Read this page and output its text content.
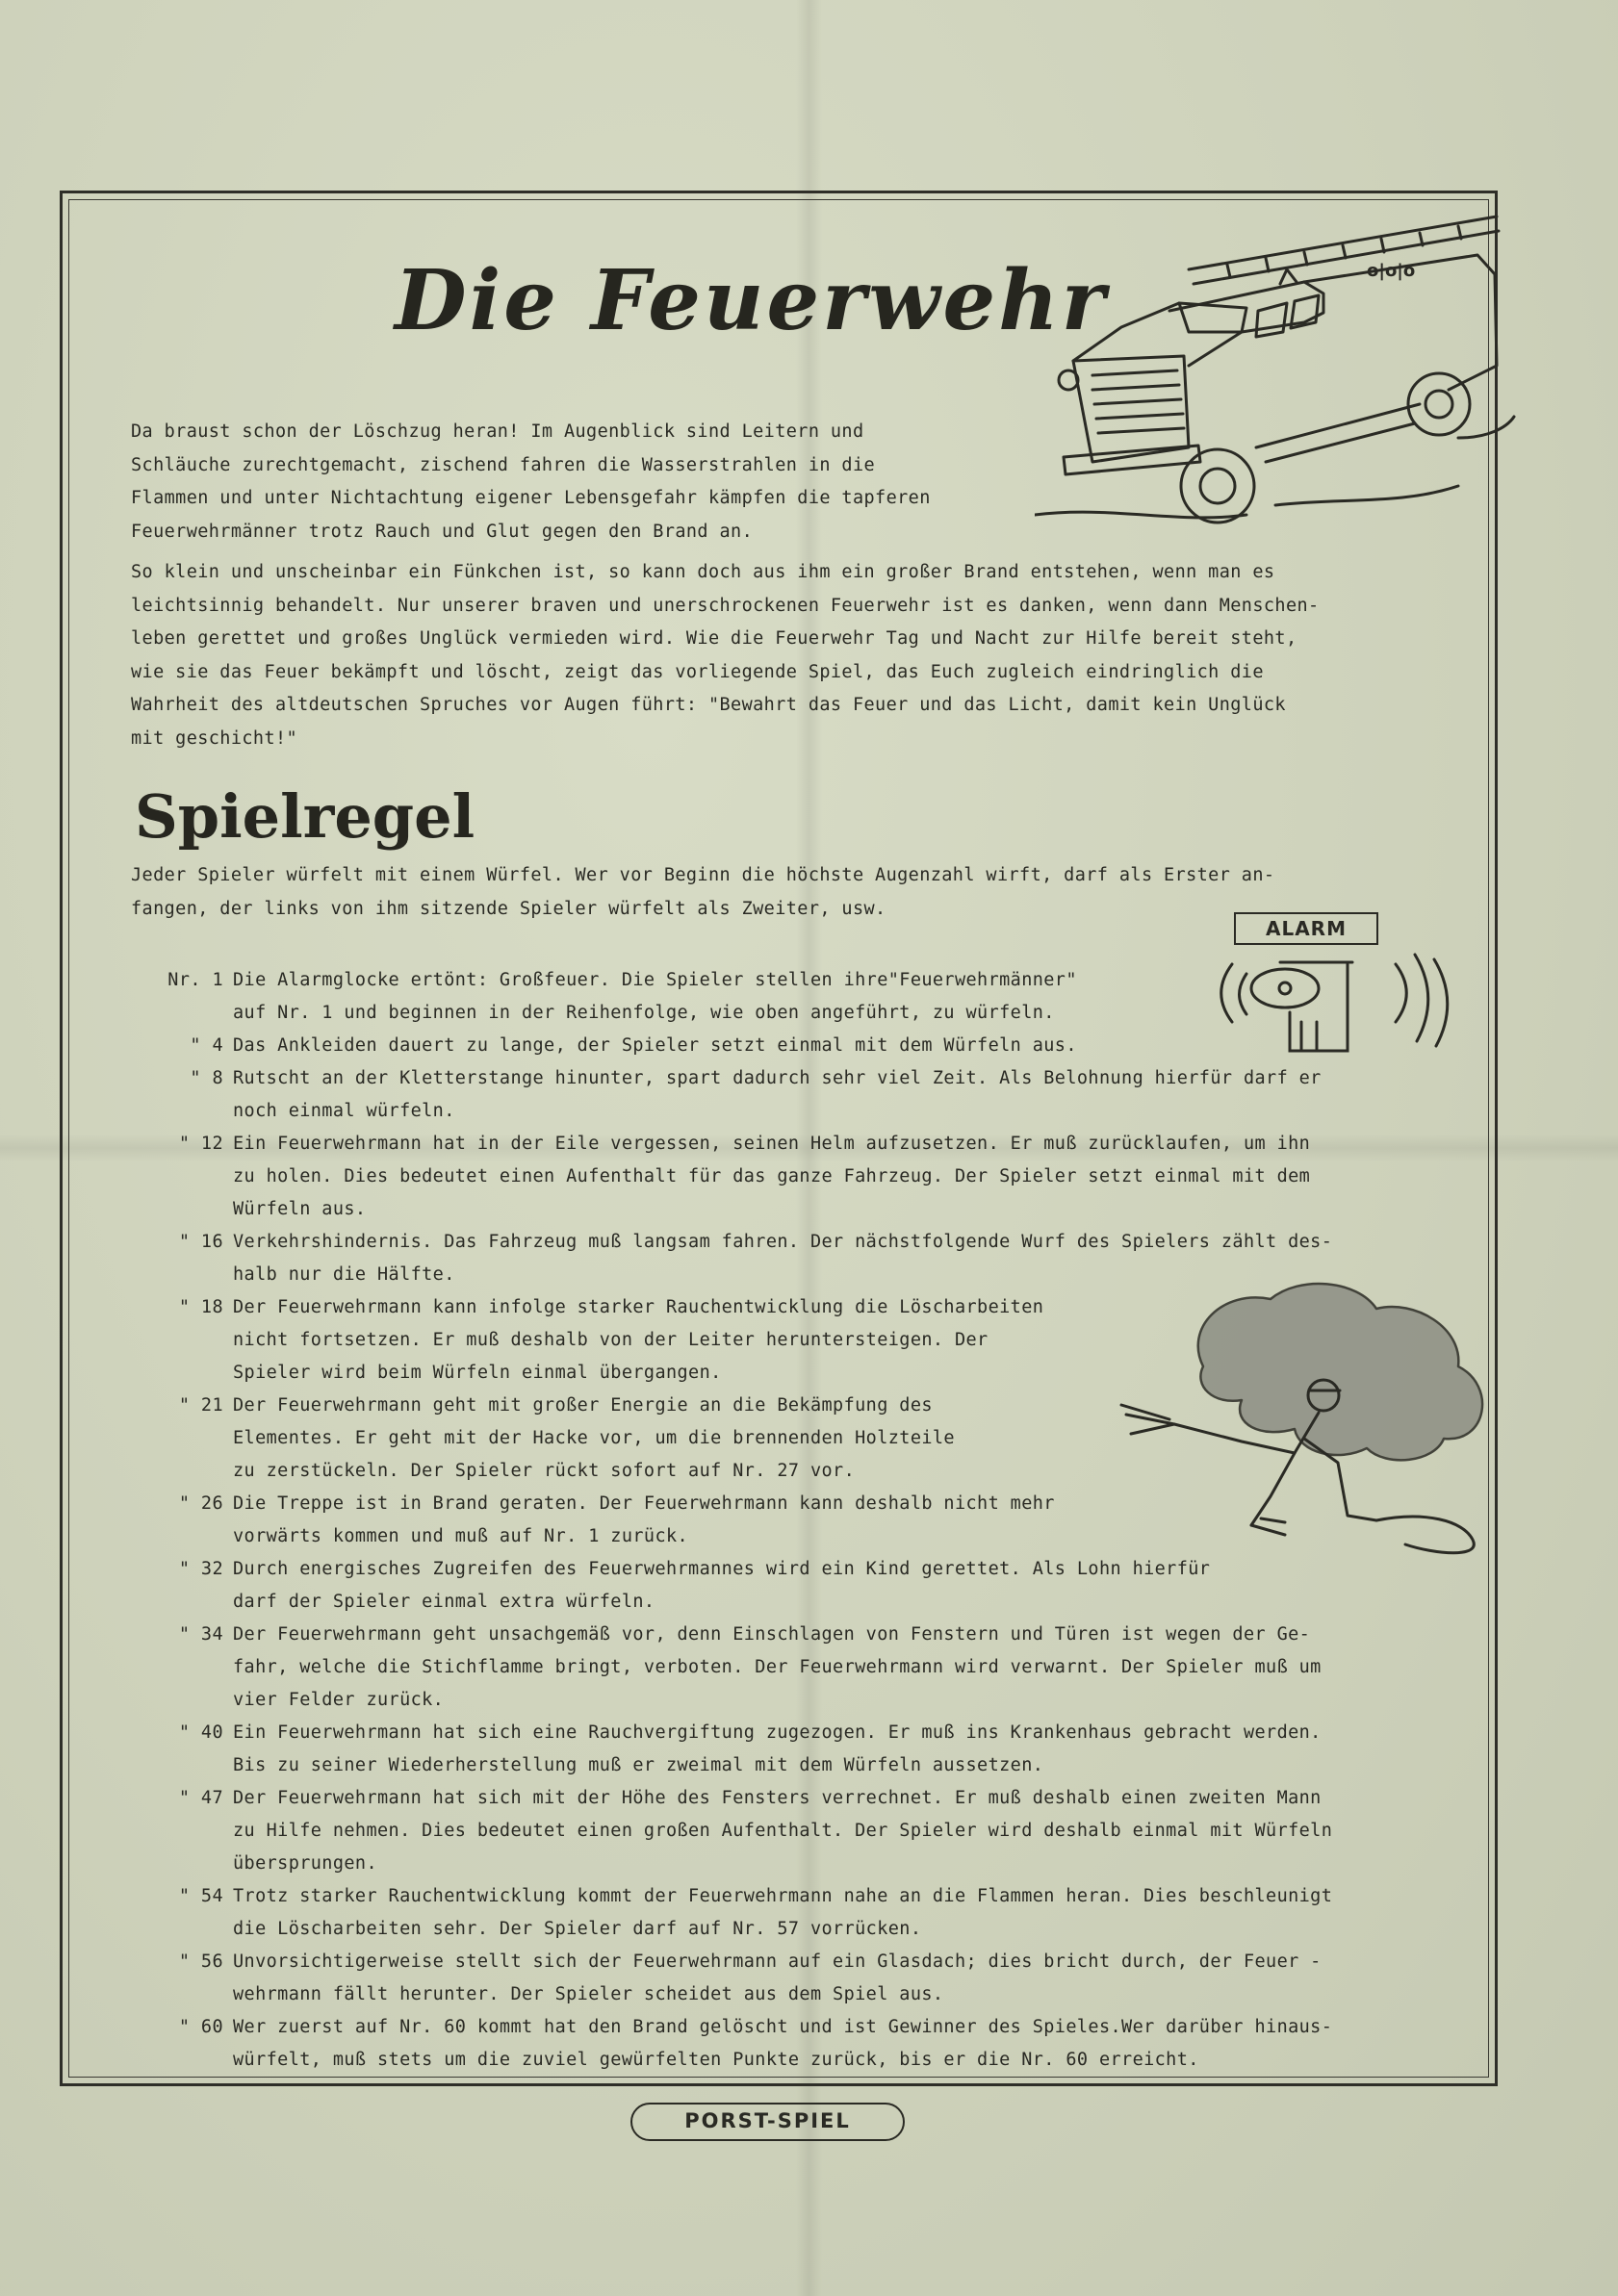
Die Feuerwehr	o|o|o

Da braust schon der Löschzug heran! Im Augenblick sind Leitern und
Schläuche zurechtgemacht, zischend fahren die Wasserstrahlen in die
Flammen und unter Nichtachtung eigener Lebensgefahr kämpfen die tapferen
Feuerwehrmänner trotz Rauch und Glut gegen den Brand an.

So klein und unscheinbar ein Fünkchen ist, so kann doch aus ihm ein großer Brand entstehen, wenn man es
leichtsinnig behandelt. Nur unserer braven und unerschrockenen Feuerwehr ist es danken, wenn dann Menschen-
leben gerettet und großes Unglück vermieden wird. Wie die Feuerwehr Tag und Nacht zur Hilfe bereit steht,
wie sie das Feuer bekämpft und löscht, zeigt das vorliegende Spiel, das Euch zugleich eindringlich die
Wahrheit des altdeutschen Spruches vor Augen führt: "Bewahrt das Feuer und das Licht, damit kein Unglück
mit geschicht!"

Spielregel

Jeder Spieler würfelt mit einem Würfel. Wer vor Beginn die höchste Augenzahl wirft, darf als Erster an-
fangen, der links von ihm sitzende Spieler würfelt als Zweiter, usw.

ALARM
Nr. 1 Die Alarmglocke ertönt: Großfeuer. Die Spieler stellen ihre"Feuerwehrmänner"
auf Nr. 1 und beginnen in der Reihenfolge, wie oben angeführt, zu würfeln.
" 4 Das Ankleiden dauert zu lange, der Spieler setzt einmal mit dem Würfeln aus.
" 8 Rutscht an der Kletterstange hinunter, spart dadurch sehr viel Zeit. Als Belohnung hierfür darf er
noch einmal würfeln.
" 12 Ein Feuerwehrmann hat in der Eile vergessen, seinen Helm aufzusetzen. Er muß zurücklaufen, um ihn
zu holen. Dies bedeutet einen Aufenthalt für das ganze Fahrzeug. Der Spieler setzt einmal mit dem
Würfeln aus.
" 16 Verkehrshindernis. Das Fahrzeug muß langsam fahren. Der nächstfolgende Wurf des Spielers zählt des-
halb nur die Hälfte.
" 18 Der Feuerwehrmann kann infolge starker Rauchentwicklung die Löscharbeiten
nicht fortsetzen. Er muß deshalb von der Leiter heruntersteigen. Der
Spieler wird beim Würfeln einmal übergangen.
" 21 Der Feuerwehrmann geht mit großer Energie an die Bekämpfung des
Elementes. Er geht mit der Hacke vor, um die brennenden Holzteile
zu zerstückeln. Der Spieler rückt sofort auf Nr. 27 vor.
" 26 Die Treppe ist in Brand geraten. Der Feuerwehrmann kann deshalb nicht mehr
vorwärts kommen und muß auf Nr. 1 zurück.
" 32 Durch energisches Zugreifen des Feuerwehrmannes wird ein Kind gerettet. Als Lohn hierfür
darf der Spieler einmal extra würfeln.
" 34 Der Feuerwehrmann geht unsachgemäß vor, denn Einschlagen von Fenstern und Türen ist wegen der Ge-
fahr, welche die Stichflamme bringt, verboten. Der Feuerwehrmann wird verwarnt. Der Spieler muß um
vier Felder zurück.
" 40 Ein Feuerwehrmann hat sich eine Rauchvergiftung zugezogen. Er muß ins Krankenhaus gebracht werden.
Bis zu seiner Wiederherstellung muß er zweimal mit dem Würfeln aussetzen.
" 47 Der Feuerwehrmann hat sich mit der Höhe des Fensters verrechnet. Er muß deshalb einen zweiten Mann
zu Hilfe nehmen. Dies bedeutet einen großen Aufenthalt. Der Spieler wird deshalb einmal mit Würfeln
übersprungen.
" 54 Trotz starker Rauchentwicklung kommt der Feuerwehrmann nahe an die Flammen heran. Dies beschleunigt
die Löscharbeiten sehr. Der Spieler darf auf Nr. 57 vorrücken.
" 56 Unvorsichtigerweise stellt sich der Feuerwehrmann auf ein Glasdach; dies bricht durch, der Feuer -
wehrmann fällt herunter. Der Spieler scheidet aus dem Spiel aus.
" 60 Wer zuerst auf Nr. 60 kommt hat den Brand gelöscht und ist Gewinner des Spieles.Wer darüber hinaus-
würfelt, muß stets um die zuviel gewürfelten Punkte zurück, bis er die Nr. 60 erreicht.
PORST-SPIEL
